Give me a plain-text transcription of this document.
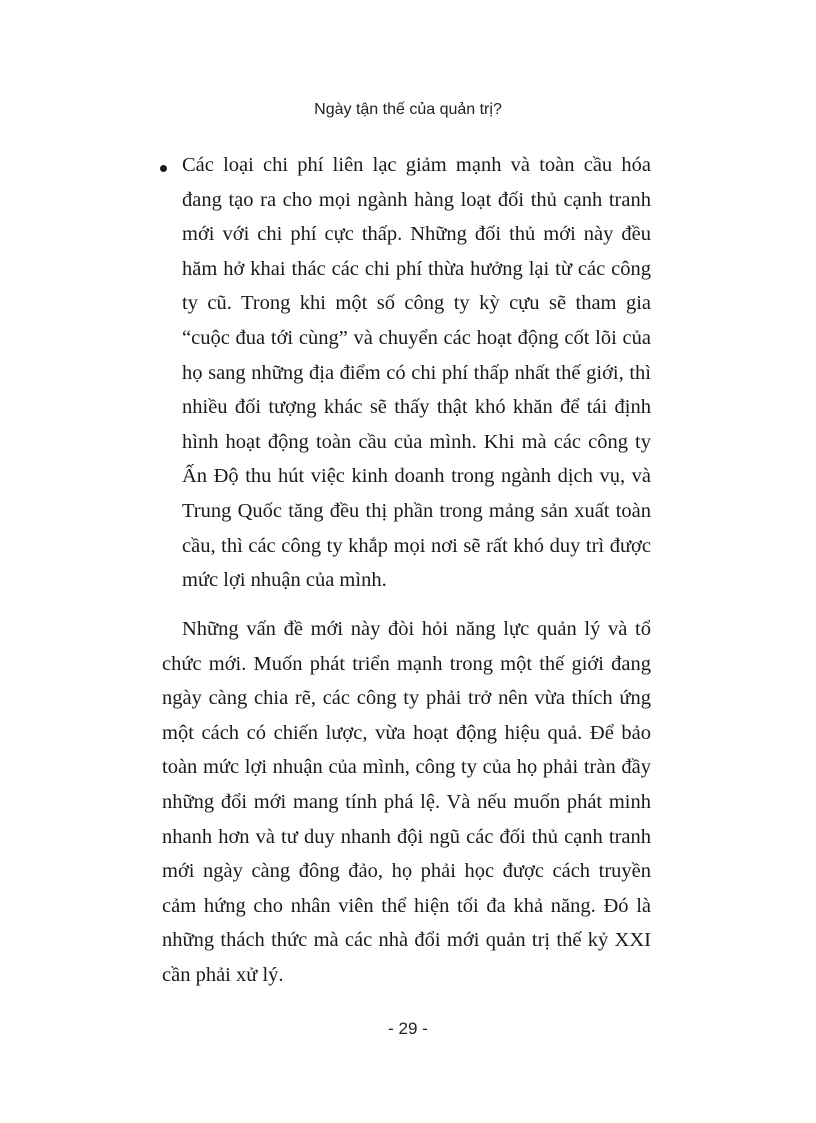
Ngày tận thế của quản trị?
Các loại chi phí liên lạc giảm mạnh và toàn cầu hóa đang tạo ra cho mọi ngành hàng loạt đối thủ cạnh tranh mới với chi phí cực thấp. Những đối thủ mới này đều hăm hở khai thác các chi phí thừa hưởng lại từ các công ty cũ. Trong khi một số công ty kỳ cựu sẽ tham gia “cuộc đua tới cùng” và chuyển các hoạt động cốt lõi của họ sang những địa điểm có chi phí thấp nhất thế giới, thì nhiều đối tượng khác sẽ thấy thật khó khăn để tái định hình hoạt động toàn cầu của mình. Khi mà các công ty Ấn Độ thu hút việc kinh doanh trong ngành dịch vụ, và Trung Quốc tăng đều thị phần trong mảng sản xuất toàn cầu, thì các công ty khắp mọi nơi sẽ rất khó duy trì được mức lợi nhuận của mình.
Những vấn đề mới này đòi hỏi năng lực quản lý và tổ chức mới. Muốn phát triển mạnh trong một thế giới đang ngày càng chia rẽ, các công ty phải trở nên vừa thích ứng một cách có chiến lược, vừa hoạt động hiệu quả. Để bảo toàn mức lợi nhuận của mình, công ty của họ phải tràn đầy những đổi mới mang tính phá lệ. Và nếu muốn phát minh nhanh hơn và tư duy nhanh đội ngũ các đối thủ cạnh tranh mới ngày càng đông đảo, họ phải học được cách truyền cảm hứng cho nhân viên thể hiện tối đa khả năng. Đó là những thách thức mà các nhà đổi mới quản trị thế kỷ XXI cần phải xử lý.
- 29 -
